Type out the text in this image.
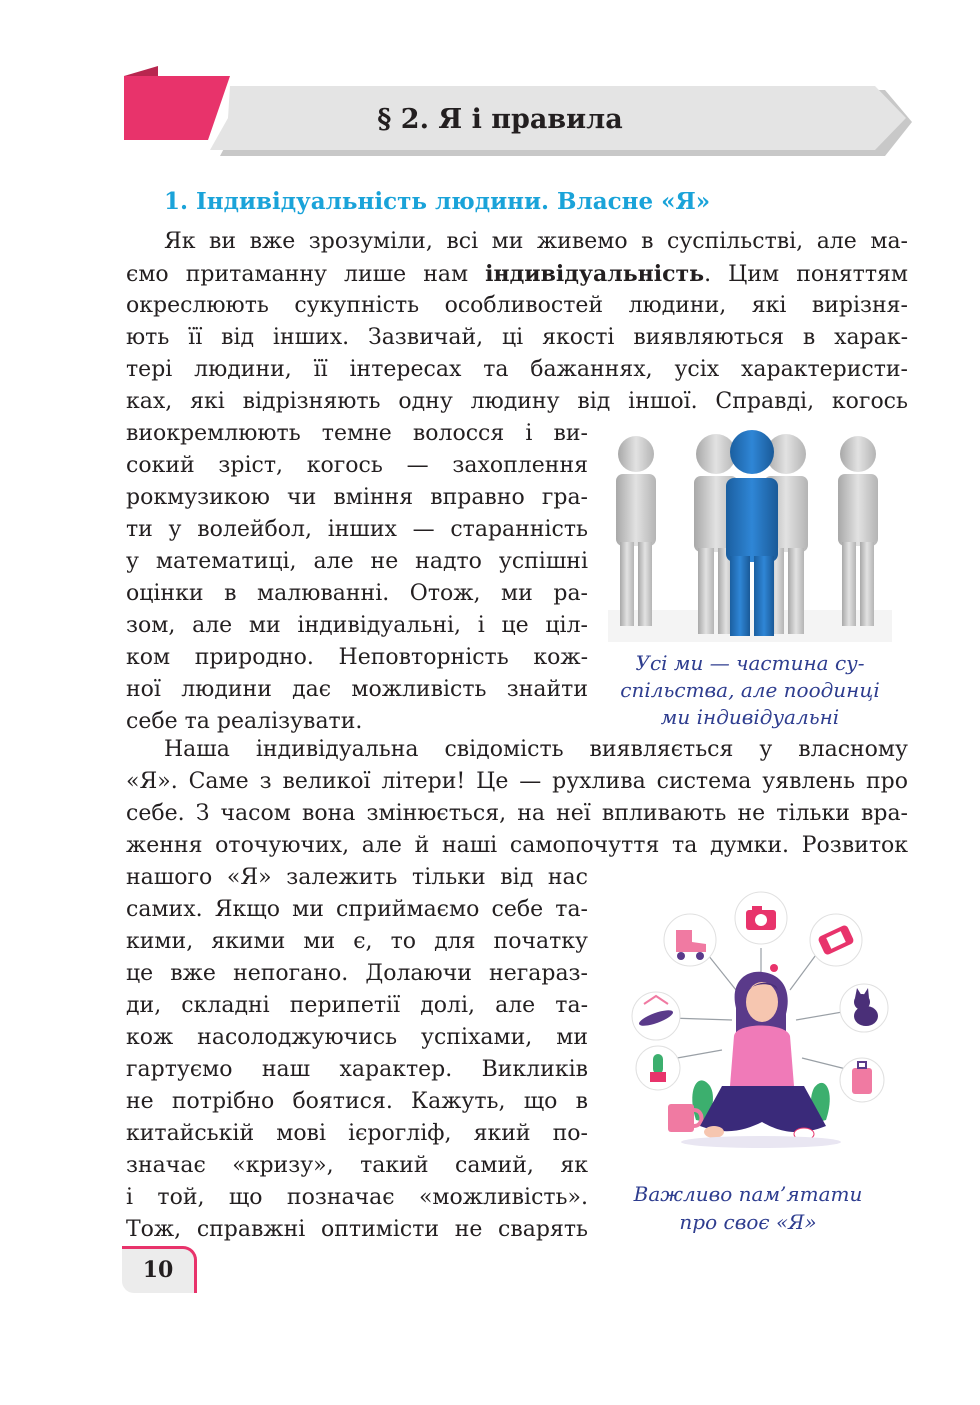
§ 2. Я і правила
1. Індивідуальність людини. Власне «Я»
Як ви вже зрозуміли, всі ми живемо в суспільстві, але ма-
ємо притаманну лише нам індивідуальність. Цим поняттям
окреслюють сукупність особливостей людини, які вирізня-
ють її від інших. Зазвичай, ці якості виявляються в харак-
тері людини, її інтересах та бажаннях, усіх характеристи-
ках, які відрізняють одну людину від іншої. Справді, когось
виокремлюють темне волосся і ви-
сокий зріст, когось — захоплення
рокмузикою чи вміння вправно гра-
ти у волейбол, інших — старанність
у математиці, але не надто успішні
оцінки в малюванні. Отож, ми ра-
зом, але ми індивідуальні, і це ціл-
ком природно. Неповторність кож-
ної людини дає можливість знайти
себе та реалізувати.
Усі ми — частина су-
спільства, але поодинці
ми індивідуальні
Наша індивідуальна свідомість виявляється у власному
«Я». Саме з великої літери! Це — рухлива система уявлень про
себе. З часом вона змінюється, на неї впливають не тільки вра-
ження оточуючих, але й наші самопочуття та думки. Розвиток
нашого «Я» залежить тільки від нас
самих. Якщо ми сприймаємо себе та-
кими, якими ми є, то для початку
це вже непогано. Долаючи негараз-
ди, складні перипетії долі, але та-
кож насолоджуючись успіхами, ми
гартуємо наш характер. Викликів
не потрібно боятися. Кажуть, що в
китайській мові ієрогліф, який по-
значає «кризу», такий самий, як
і той, що позначає «можливість».
Тож, справжні оптимісти не сварять
Важливо пам’ятати
про своє «Я»
10
